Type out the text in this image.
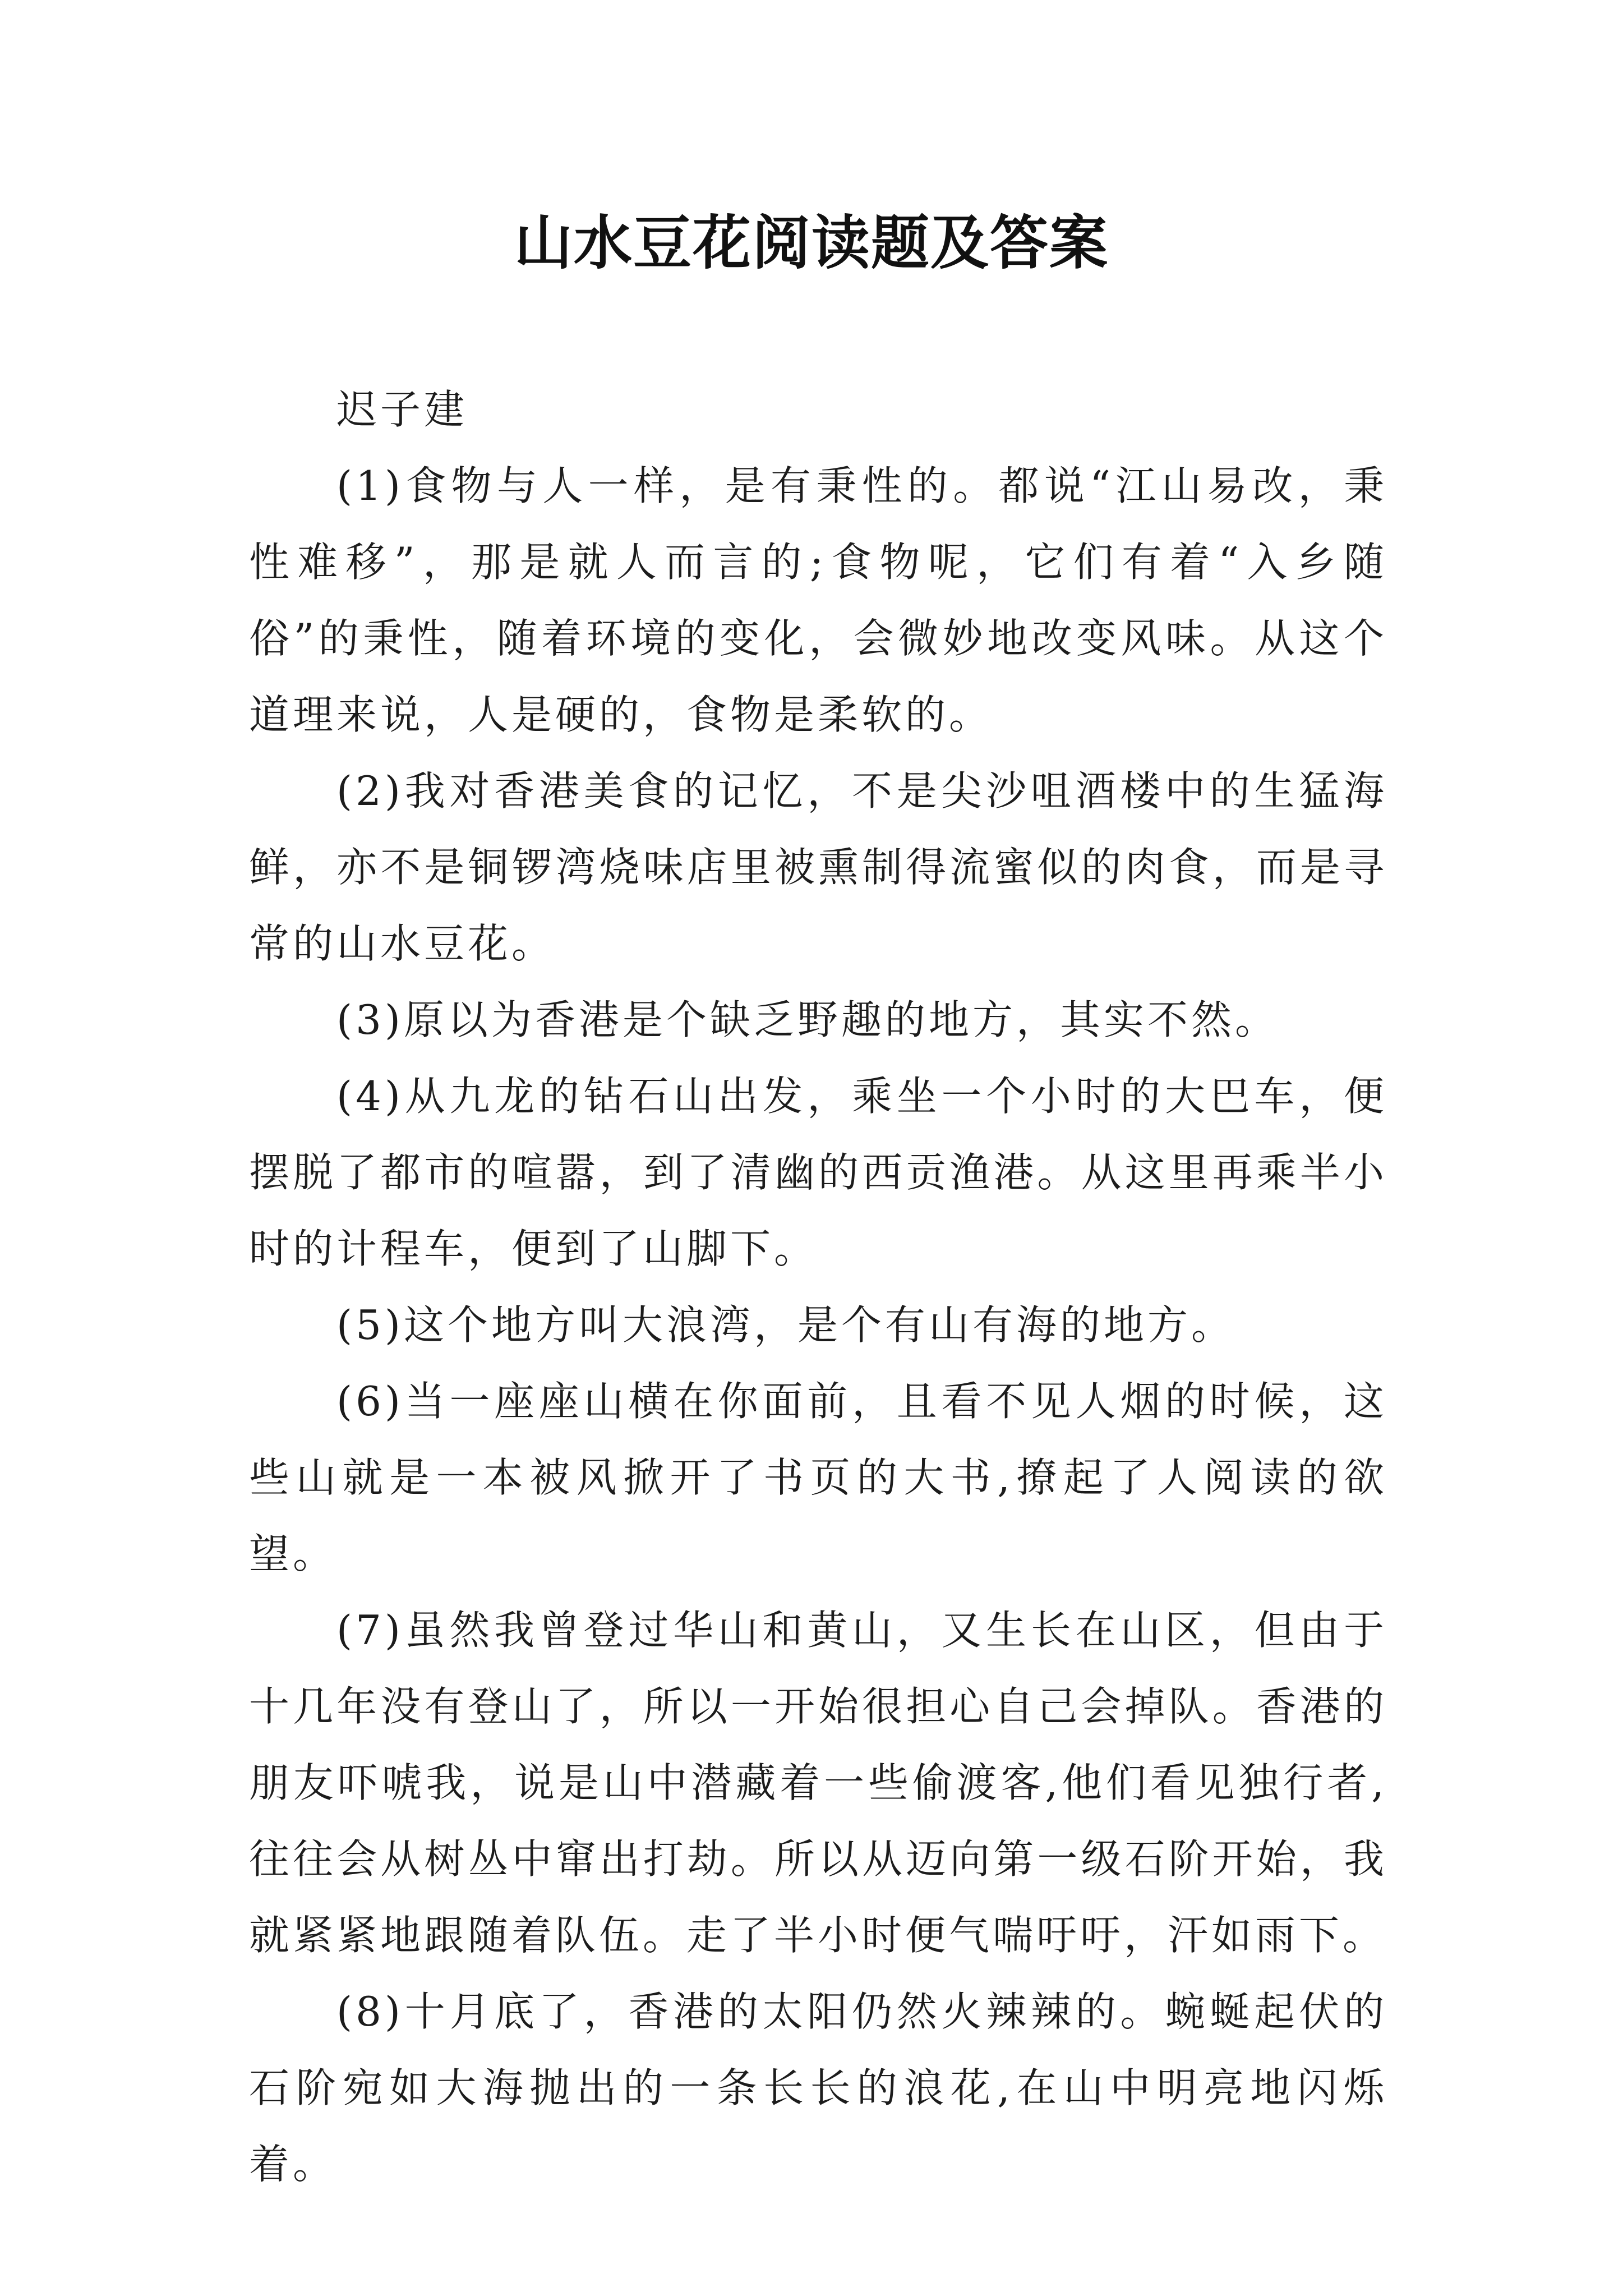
山水豆花阅读题及答案

迟子建

(1)食物与人一样，是有秉性的。都说“江山易改，秉性难移”，那是就人而言的;食物呢，它们有着“入乡随俗”的秉性，随着环境的变化，会微妙地改变风味。从这个道理来说，人是硬的，食物是柔软的。

(2)我对香港美食的记忆，不是尖沙咀酒楼中的生猛海鲜，亦不是铜锣湾烧味店里被熏制得流蜜似的肉食，而是寻常的山水豆花。

(3)原以为香港是个缺乏野趣的地方，其实不然。

(4)从九龙的钻石山出发，乘坐一个小时的大巴车，便摆脱了都市的喧嚣，到了清幽的西贡渔港。从这里再乘半小时的计程车，便到了山脚下。

(5)这个地方叫大浪湾，是个有山有海的地方。

(6)当一座座山横在你面前，且看不见人烟的时候，这些山就是一本被风掀开了书页的大书,撩起了人阅读的欲望。

(7)虽然我曾登过华山和黄山，又生长在山区，但由于十几年没有登山了，所以一开始很担心自己会掉队。香港的朋友吓唬我，说是山中潜藏着一些偷渡客,他们看见独行者,往往会从树丛中窜出打劫。所以从迈向第一级石阶开始，我就紧紧地跟随着队伍。走了半小时便气喘吁吁，汗如雨下。

(8)十月底了，香港的太阳仍然火辣辣的。蜿蜒起伏的石阶宛如大海抛出的一条长长的浪花,在山中明亮地闪烁着。
